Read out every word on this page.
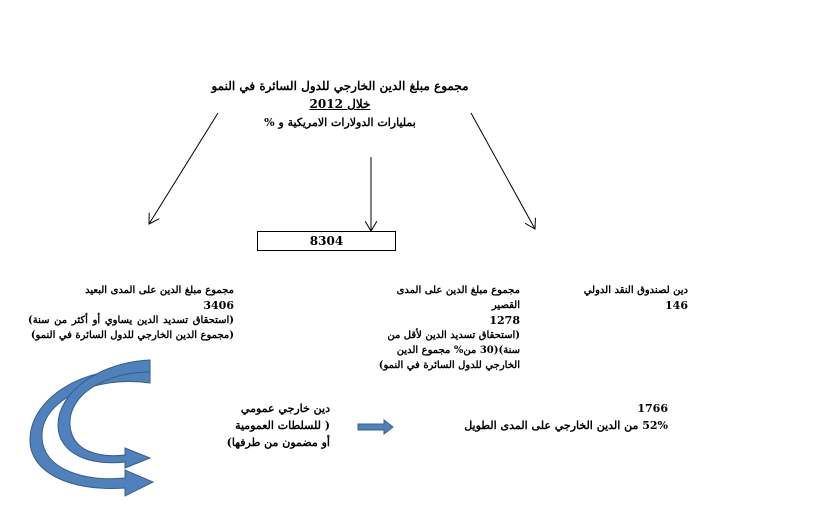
مجموع مبلغ الدين الخارجي للدول السائرة في النمو
خلال 2012
بمليارات الدولارات الامريكية و %
8304
مجموع مبلغ الدين على المدى البعيد
3406
(استحقاق تسديد الدين يساوي أو أكثر من سنة) (مجموع الدين الخارجي للدول السائرة في النمو)
مجموع مبلغ الدين على المدى القصير
1278
(استحقاق تسديد الدين لأقل من سنة)(30 من% مجموع الدين الخارجي للدول السائرة في النمو)
دين لصندوق النقد الدولي
146
دين خارجي عمومي
( للسلطات العمومية
أو مضمون من طرفها)
1766
52% من الدين الخارجي على المدى الطويل
